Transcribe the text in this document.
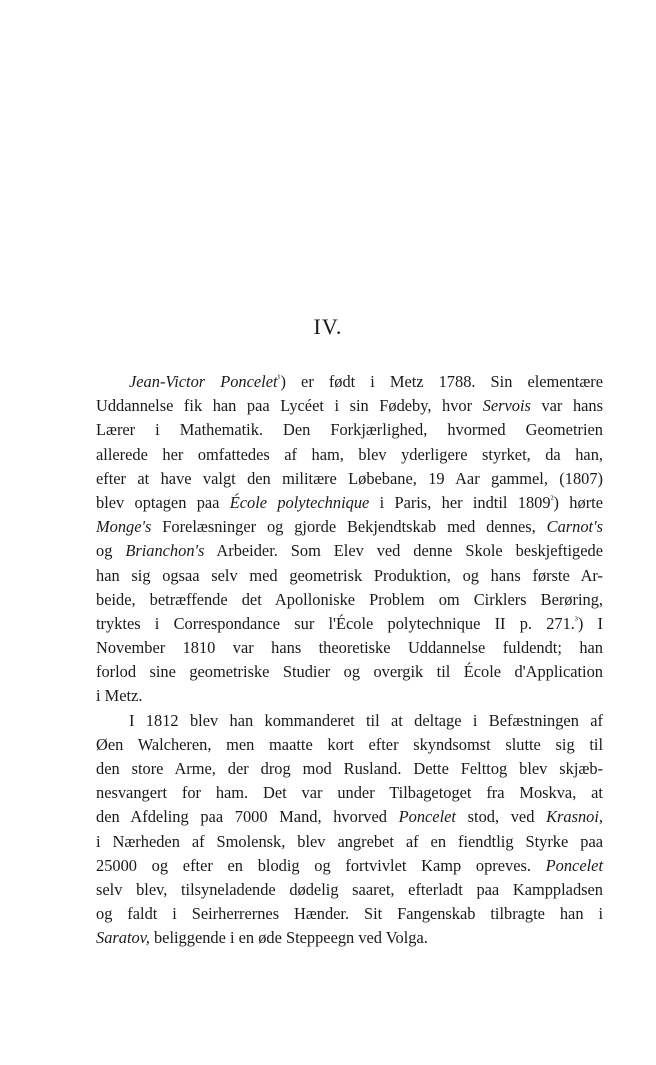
IV.
Jean-Victor Poncelet$^{^1}$) er født i Metz 1788. Sin elementære
Uddannelse fik han paa Lycéet i sin Fødeby, hvor Servois var hans
Lærer i Mathematik. Den Forkjærlighed, hvormed Geometrien
allerede her omfattedes af ham, blev yderligere styrket, da han,
efter at have valgt den militære Løbebane, 19 Aar gammel, (1807)
blev optagen paa École polytechnique i Paris, her indtil $1809^{^2}$) hørte
Monge's Forelæsninger og gjorde Bekjendtskab med dennes, Carnot's
og Brianchon's Arbeider. Som Elev ved denne Skole beskjeftigede
han sig ogsaa selv med geometrisk Produktion, og hans første Ar-
beide, betræffende det Apolloniske Problem om Cirklers Berøring,
tryktes i Correspondance sur l'École polytechnique II p. 271.$^{^3}$) I
November 1810 var hans theoretiske Uddannelse fuldendt; han
forlod sine geometriske Studier og overgik til École d'Application
i Metz.
I 1812 blev han kommanderet til at deltage i Befæstningen af
Øen Walcheren, men maatte kort efter skyndsomst slutte sig til
den store Arme, der drog mod Rusland. Dette Felttog blev skjæb-
nesvangert for ham. Det var under Tilbagetoget fra Moskva, at
den Afdeling paa 7000 Mand, hvorved Poncelet stod, ved Krasnoi,
i Nærheden af Smolensk, blev angrebet af en fiendtlig Styrke paa
25000 og efter en blodig og fortvivlet Kamp opreves. Poncelet
selv blev, tilsyneladende dødelig saaret, efterladt paa Kamppladsen
og faldt i Seirherrernes Hænder. Sit Fangenskab tilbragte han i
Saratov, beliggende i en øde Steppeegn ved Volga.
